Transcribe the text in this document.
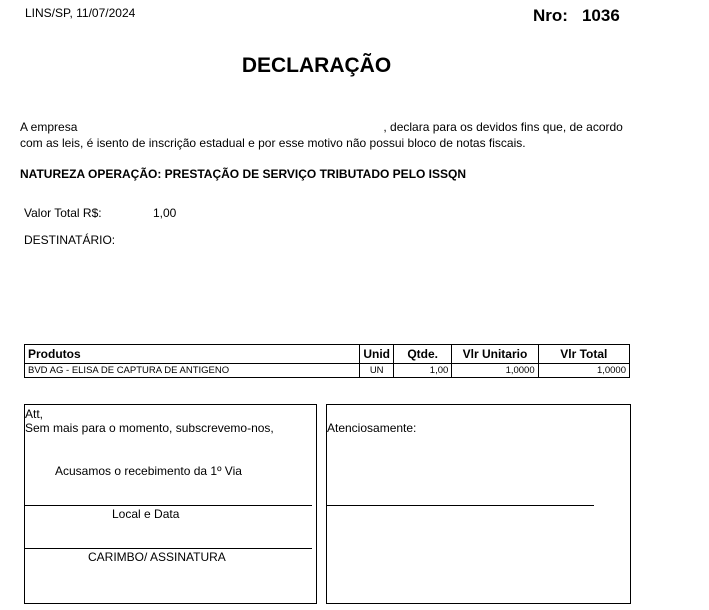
LINS/SP, 11/07/2024	Nro: 1036
DECLARAÇÃO
A empresa	, declara para os devidos fins que, de acordo com as leis, é isento de inscrição estadual e por esse motivo não possui bloco de notas fiscais.
NATUREZA OPERAÇÃO: PRESTAÇÃO DE SERVIÇO TRIBUTADO PELO ISSQN
Valor Total R$:	1,00
DESTINATÁRIO:
Produtos	Unid	Qtde.	Vlr Unitario	Vlr Total
BVD AG - ELISA DE CAPTURA DE ANTIGENO	UN	1,00	1,0000	1,0000
Att,
Sem mais para o momento, subscrevemo-nos,
Acusamos o recebimento da 1º Via
Local e Data
CARIMBO/ ASSINATURA
Atenciosamente:
